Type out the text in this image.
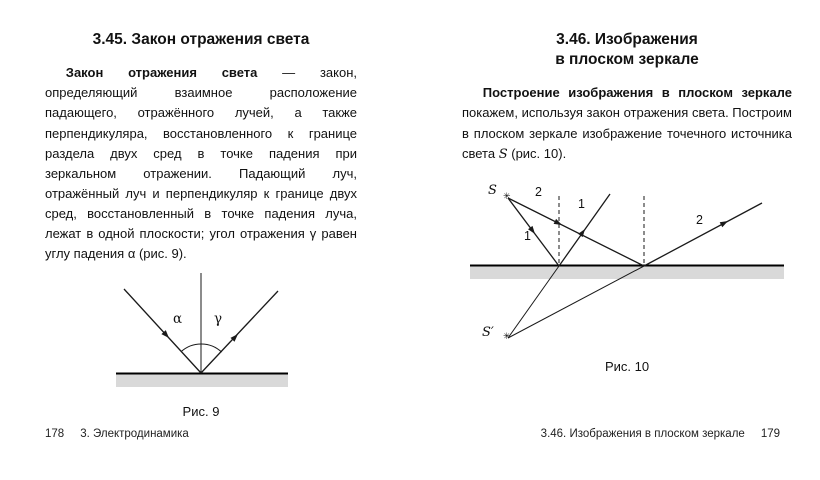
3.45. Закон отражения света

Закон отражения света — закон, определяющий взаимное расположение падающего, отражённого лучей, а также перпендикуляра, восстановленного к границе раздела двух сред в точке падения при зеркальном отражении. Падающий луч, отражённый луч и перпендикуляр к границе двух сред, восстановленный в точке падения луча, лежат в одной плоскости; угол отражения γ равен углу падения α (рис. 9).

α γ
Рис. 9
3.46. Изображения
в плоском зеркале

Построение изображения в плоском зеркале покажем, используя закон отражения света. Построим в плоском зеркале изображение точечного источника света S (рис. 10).

S ✳
S′ ✳
1
1
2
2
Рис. 10
178 3. Электродинамика	3.46. Изображения в плоском зеркале 179
